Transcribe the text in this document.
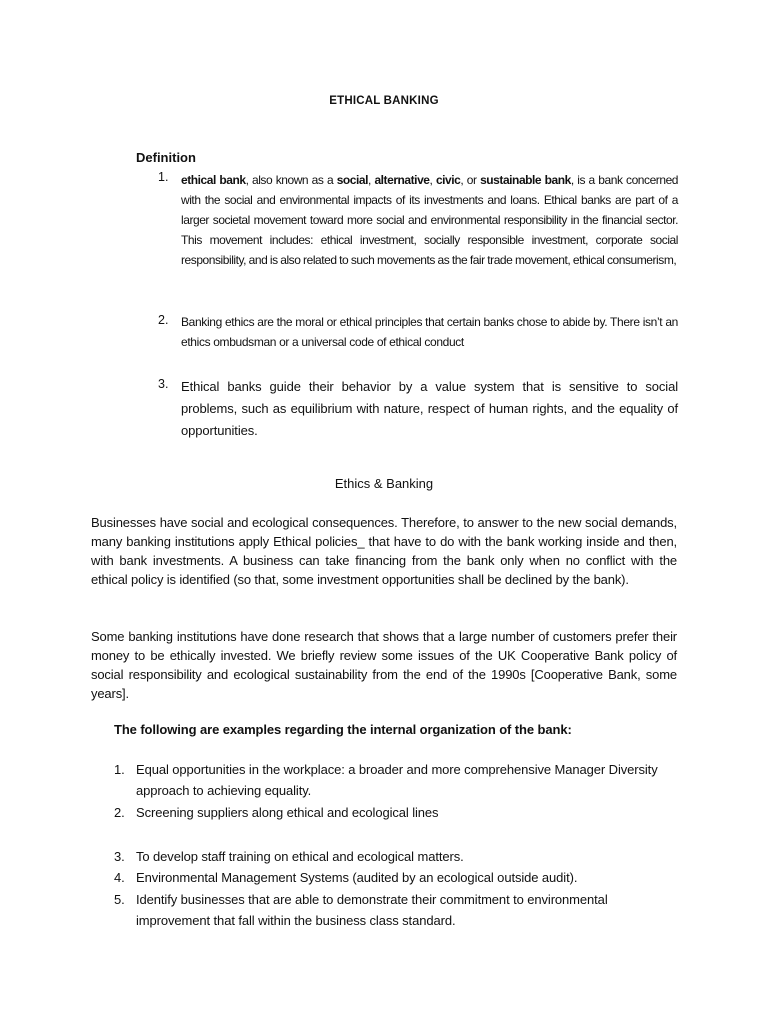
ETHICAL BANKING
Definition
1. ethical bank, also known as a social, alternative, civic, or sustainable bank, is a bank concerned with the social and environmental impacts of its investments and loans. Ethical banks are part of a larger societal movement toward more social and environmental responsibility in the financial sector. This movement includes: ethical investment, socially responsible investment, corporate social responsibility, and is also related to such movements as the fair trade movement, ethical consumerism,
2. Banking ethics are the moral or ethical principles that certain banks chose to abide by. There isn’t an ethics ombudsman or a universal code of ethical conduct
3. Ethical banks guide their behavior by a value system that is sensitive to social problems, such as equilibrium with nature, respect of human rights, and the equality of opportunities.
Ethics & Banking
Businesses have social and ecological consequences. Therefore, to answer to the new social demands, many banking institutions apply Ethical policies_ that have to do with the bank working inside and then, with bank investments. A business can take financing from the bank only when no conflict with the ethical policy is identified (so that, some investment opportunities shall be declined by the bank).
Some banking institutions have done research that shows that a large number of customers prefer their money to be ethically invested. We briefly review some issues of the UK Cooperative Bank policy of social responsibility and ecological sustainability from the end of the 1990s [Cooperative Bank, some years].
The following are examples regarding the internal organization of the bank:
1. Equal opportunities in the workplace: a broader and more comprehensive Manager Diversity approach to achieving equality.
2. Screening suppliers along ethical and ecological lines
3. To develop staff training on ethical and ecological matters.
4. Environmental Management Systems (audited by an ecological outside audit).
5. Identify businesses that are able to demonstrate their commitment to environmental improvement that fall within the business class standard.
